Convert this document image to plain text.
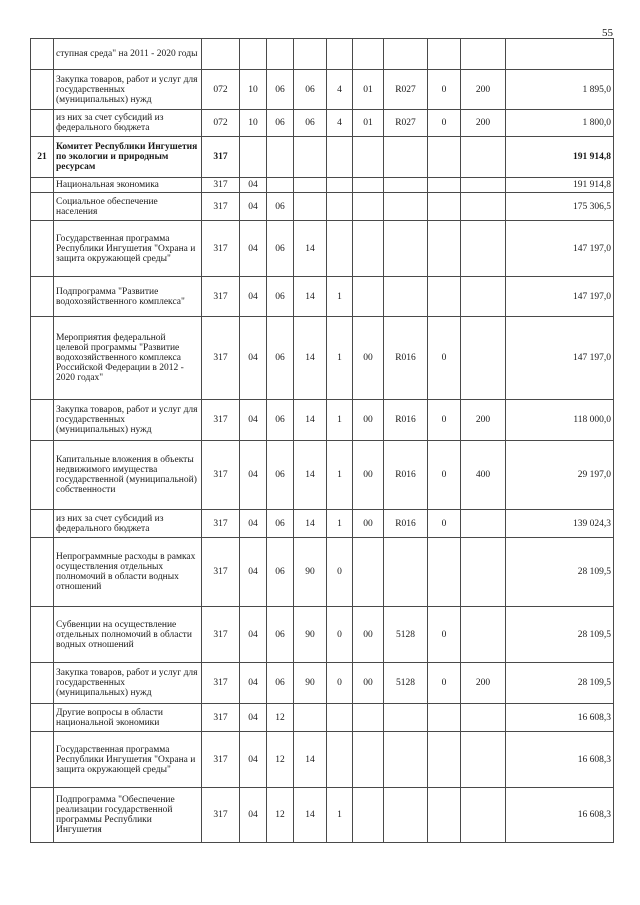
55
	ступная среда" на 2011 - 2020 годы										
	Закупка товаров, работ и услуг для государственных (муниципальных) нужд	072	10	06	06	4	01	R027	0	200	1 895,0
	из них за счет субсидий из федерального бюджета	072	10	06	06	4	01	R027	0	200	1 800,0
21	Комитет Республики Ингушетия по экологии и природным ресурсам	317									191 914,8
	Национальная экономика	317	04								191 914,8
	Социальное обеспечение населения	317	04	06							175 306,5
	Государственная программа Республики Ингушетия "Охрана и защита окружающей среды"	317	04	06	14						147 197,0
	Подпрограмма "Развитие водохозяйственного комплекса"	317	04	06	14	1					147 197,0
	Мероприятия федеральной целевой программы "Развитие водохозяйственного комплекса Российской Федерации в 2012 - 2020 годах"	317	04	06	14	1	00	R016	0		147 197,0
	Закупка товаров, работ и услуг для государственных (муниципальных) нужд	317	04	06	14	1	00	R016	0	200	118 000,0
	Капитальные вложения в объекты недвижимого имущества государственной (муниципальной) собственности	317	04	06	14	1	00	R016	0	400	29 197,0
	из них за счет субсидий из федерального бюджета	317	04	06	14	1	00	R016	0		139 024,3
	Непрограммные расходы в рамках осуществления отдельных полномочий в области водных отношений	317	04	06	90	0					28 109,5
	Субвенции на осуществление отдельных полномочий в области водных отношений	317	04	06	90	0	00	5128	0		28 109,5
	Закупка товаров, работ и услуг для государственных (муниципальных) нужд	317	04	06	90	0	00	5128	0	200	28 109,5
	Другие вопросы в области национальной экономики	317	04	12							16 608,3
	Государственная программа Республики Ингушетия "Охрана и защита окружающей среды"	317	04	12	14						16 608,3
	Подпрограмма "Обеспечение реализации государственной программы Республики Ингушетия	317	04	12	14	1					16 608,3
